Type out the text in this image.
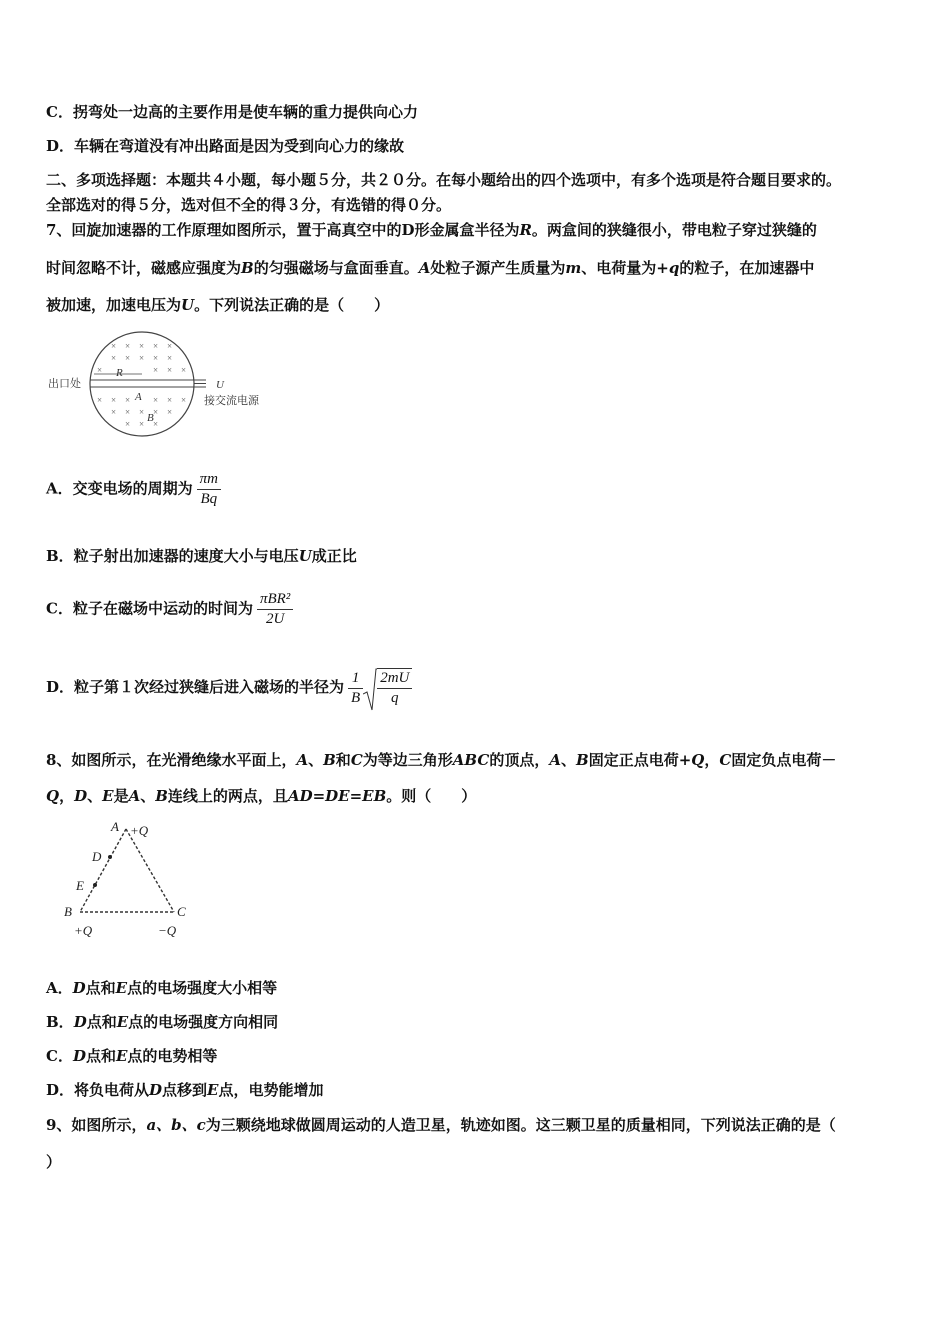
C．拐弯处一边高的主要作用是使车辆的重力提供向心力
D．车辆在弯道没有冲出路面是因为受到向心力的缘故
二、多项选择题：本题共４小题，每小题５分，共２０分。在每小题给出的四个选项中，有多个选项是符合题目要求的。
全部选对的得５分，选对但不全的得３分，有选错的得０分。
7、回旋加速器的工作原理如图所示，置于高真空中的D形金属盒半径为R。两盒间的狭缝很小，带电粒子穿过狭缝的
时间忽略不计，磁感应强度为B的匀强磁场与盒面垂直。A处粒子源产生质量为m、电荷量为+q的粒子，在加速器中
被加速，加速电压为U。下列说法正确的是（　　）
出口处
R
A
B
U
接交流电源
× × × × ×
× × × × ×
×	× × ×
× × ×	× × ×
× × × × ×
× × ×
A．交变电场的周期为 $\frac{\pi m}{Bq}$
B．粒子射出加速器的速度大小与电压U成正比
C．粒子在磁场中运动的时间为 $\frac{\text{πBR²}}{2U}$
D．粒子第１次经过狭缝后进入磁场的半径为 $\frac{1}{B} \frac{2mU}{q}$
8、如图所示，在光滑绝缘水平面上，A、B和C为等边三角形ABC的顶点，A、B固定正点电荷+Q，C固定负点电荷－
Q，D、E是A、B连线上的两点，且AD=DE=EB。则（　　）
A +Q
D
E
B	C
+Q	−Q
A．D点和E点的电场强度大小相等
B．D点和E点的电场强度方向相同
C．D点和E点的电势相等
D．将负电荷从D点移到E点，电势能增加
9、如图所示，a、b、c为三颗绕地球做圆周运动的人造卫星，轨迹如图。这三颗卫星的质量相同，下列说法正确的是（
）
